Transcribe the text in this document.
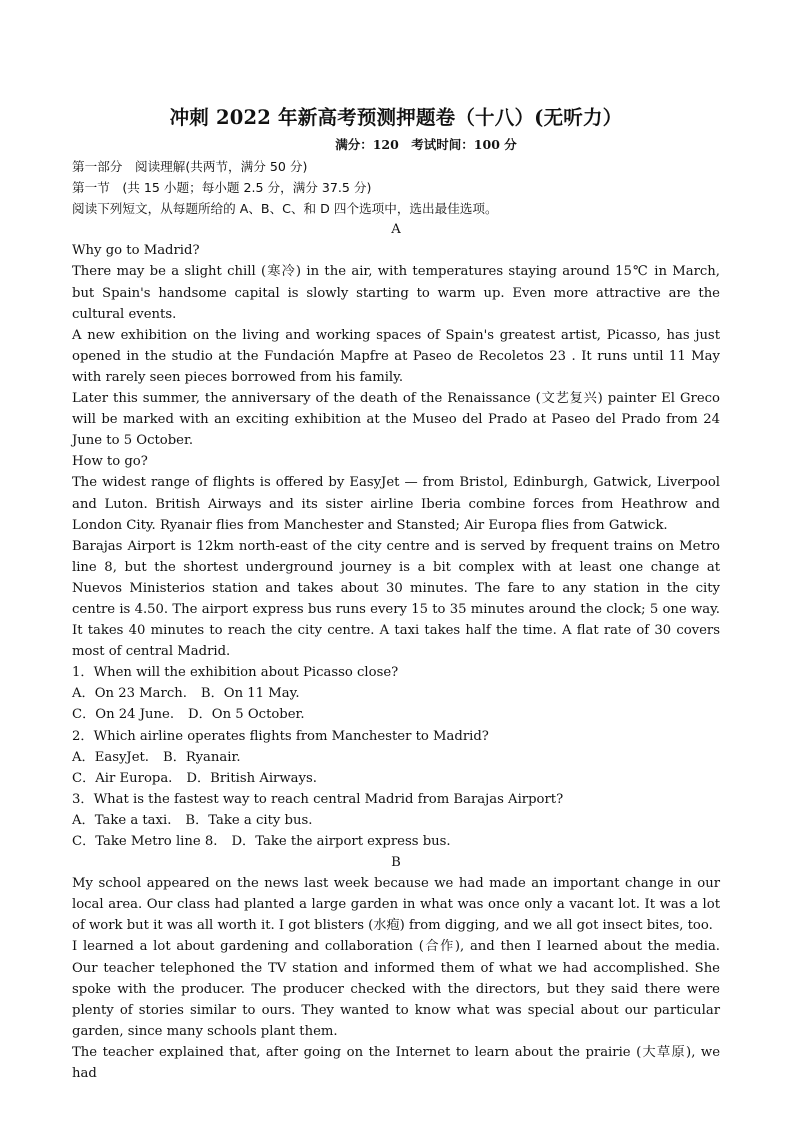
冲刺 2022 年新高考预测押题卷（十八）(无听力）
满分：120　考试时间：100 分
第一部分　阅读理解(共两节，满分 50 分)
第一节　(共 15 小题；每小题 2.5 分，满分 37.5 分)
阅读下列短文，从每题所给的 A、B、C、和 D 四个选项中，选出最佳选项。
A
Why go to Madrid?

There may be a slight chill (寒冷) in the air, with temperatures staying around 15℃ in March, but Spain's handsome capital is slowly starting to warm up. Even more attractive are the cultural events.

A new exhibition on the living and working spaces of Spain's greatest artist, Picasso, has just opened in the studio at the Fundación Mapfre at Paseo de Recoletos 23 . It runs until 11 May with rarely seen pieces borrowed from his family.

Later this summer, the anniversary of the death of the Renaissance (文艺复兴) painter El Greco will be marked with an exciting exhibition at the Museo del Prado at Paseo del Prado from 24 June to 5 October.

How to go?

The widest range of flights is offered by EasyJet — from Bristol, Edinburgh, Gatwick, Liverpool and Luton. British Airways and its sister airline Iberia combine forces from Heathrow and London City. Ryanair flies from Manchester and Stansted; Air Europa flies from Gatwick.

Barajas Airport is 12km north-east of the city centre and is served by frequent trains on Metro line 8, but the shortest underground journey is a bit complex with at least one change at Nuevos Ministerios station and takes about 30 minutes. The fare to any station in the city centre is 4.50. The airport express bus runs every 15 to 35 minutes around the clock; 5 one way. It takes 40 minutes to reach the city centre. A taxi takes half the time. A flat rate of 30 covers most of central Madrid.

1．When will the exhibition about Picasso close?
A．On 23 March. B．On 11 May.
C．On 24 June. D．On 5 October.
2．Which airline operates flights from Manchester to Madrid?
A．EasyJet. B．Ryanair.
C．Air Europa. D．British Airways.
3．What is the fastest way to reach central Madrid from Barajas Airport?
A．Take a taxi. B．Take a city bus.
C．Take Metro line 8. D．Take the airport express bus.
B

My school appeared on the news last week because we had made an important change in our local area. Our class had planted a large garden in what was once only a vacant lot. It was a lot of work but it was all worth it. I got blisters (水疱) from digging, and we all got insect bites, too.

I learned a lot about gardening and collaboration (合作), and then I learned about the media. Our teacher telephoned the TV station and informed them of what we had accomplished. She spoke with the producer. The producer checked with the directors, but they said there were plenty of stories similar to ours. They wanted to know what was special about our particular garden, since many schools plant them.

The teacher explained that, after going on the Internet to learn about the prairie (大草原), we had
